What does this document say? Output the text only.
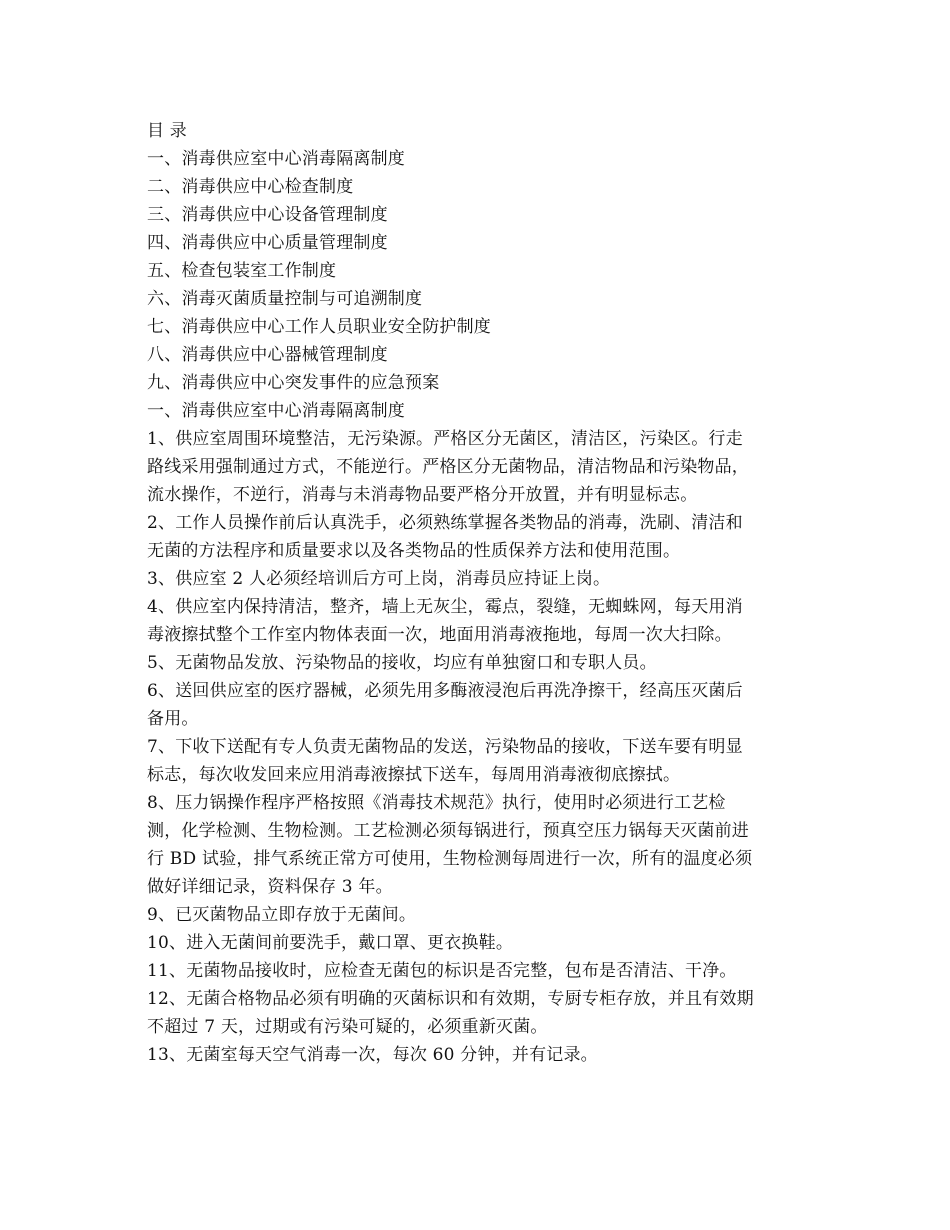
目 录
一、消毒供应室中心消毒隔离制度
二、消毒供应中心检查制度
三、消毒供应中心设备管理制度
四、消毒供应中心质量管理制度
五、检查包装室工作制度
六、消毒灭菌质量控制与可追溯制度
七、消毒供应中心工作人员职业安全防护制度
八、消毒供应中心器械管理制度
九、消毒供应中心突发事件的应急预案
一、消毒供应室中心消毒隔离制度
1、供应室周围环境整洁，无污染源。严格区分无菌区，清洁区，污染区。行走
路线采用强制通过方式，不能逆行。严格区分无菌物品，清洁物品和污染物品，
流水操作，不逆行，消毒与未消毒物品要严格分开放置，并有明显标志。
2、工作人员操作前后认真洗手，必须熟练掌握各类物品的消毒，洗刷、清洁和
无菌的方法程序和质量要求以及各类物品的性质保养方法和使用范围。
3、供应室 2 人必须经培训后方可上岗，消毒员应持证上岗。
4、供应室内保持清洁，整齐，墙上无灰尘，霉点，裂缝，无蜘蛛网，每天用消
毒液擦拭整个工作室内物体表面一次，地面用消毒液拖地，每周一次大扫除。
5、无菌物品发放、污染物品的接收，均应有单独窗口和专职人员。
6、送回供应室的医疗器械，必须先用多酶液浸泡后再洗净擦干，经高压灭菌后
备用。
7、下收下送配有专人负责无菌物品的发送，污染物品的接收，下送车要有明显
标志，每次收发回来应用消毒液擦拭下送车，每周用消毒液彻底擦拭。
8、压力锅操作程序严格按照《消毒技术规范》执行，使用时必须进行工艺检
测，化学检测、生物检测。工艺检测必须每锅进行，预真空压力锅每天灭菌前进
行 BD 试验，排气系统正常方可使用，生物检测每周进行一次，所有的温度必须
做好详细记录，资料保存 3 年。
9、已灭菌物品立即存放于无菌间。
10、进入无菌间前要洗手，戴口罩、更衣换鞋。
11、无菌物品接收时，应检查无菌包的标识是否完整，包布是否清洁、干净。
12、无菌合格物品必须有明确的灭菌标识和有效期，专厨专柜存放，并且有效期
不超过 7 天，过期或有污染可疑的，必须重新灭菌。
13、无菌室每天空气消毒一次，每次 60 分钟，并有记录。
